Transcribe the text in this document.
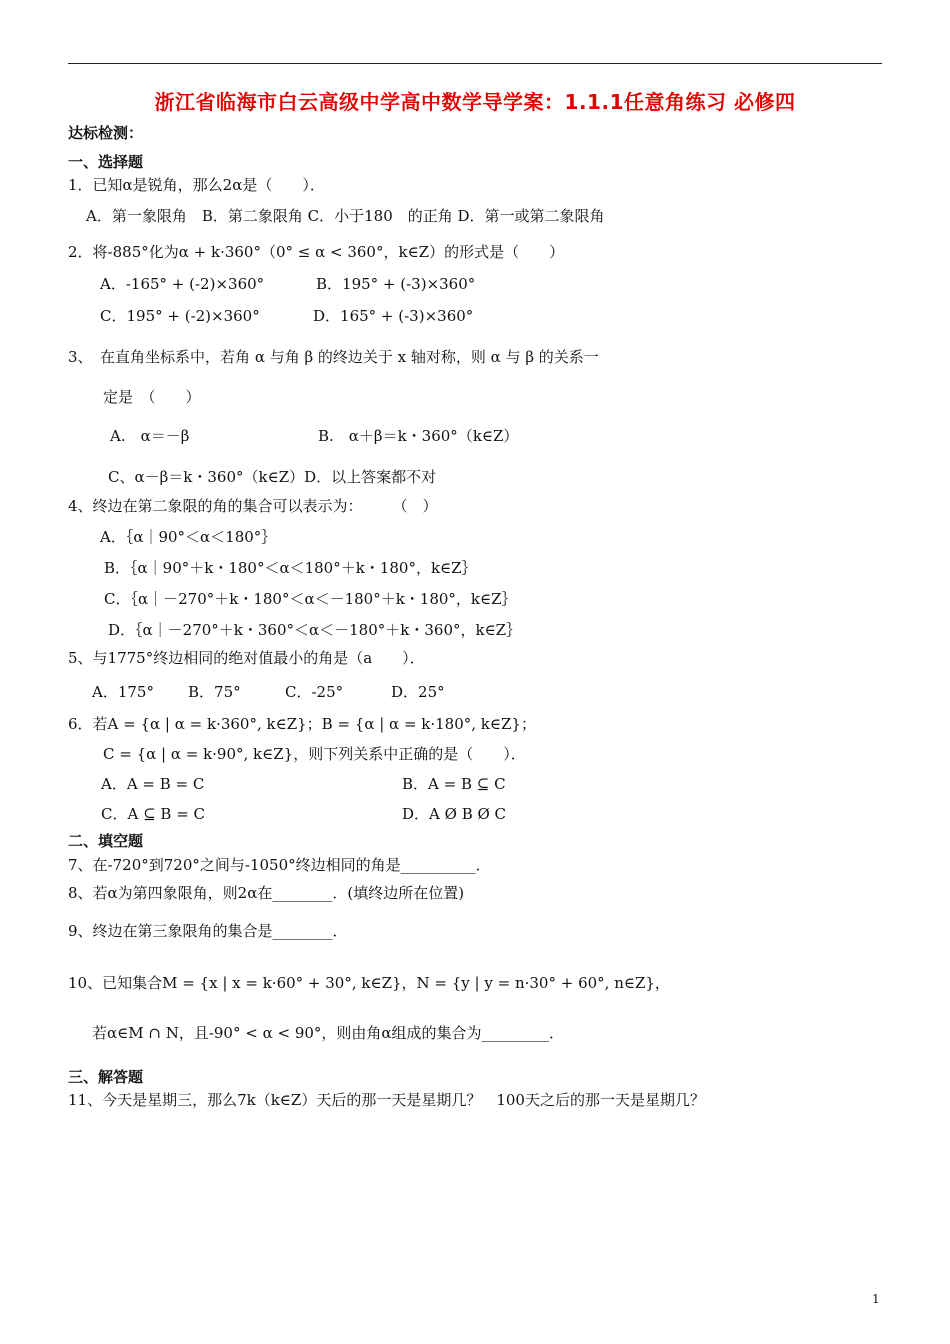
浙江省临海市白云高级中学高中数学导学案：1.1.1任意角练习 必修四
达标检测：
一、选择题
1．已知α是锐角，那么2α是（　　）．
A．第一象限角　B．第二象限角 C．小于180　的正角 D．第一或第二象限角
2．将-885°化为α + k·360°（0° ≤ α < 360°，k∈Z）的形式是（　　）
A．-165° + (-2)×360°	B．195° + (-3)×360°
C．195° + (-2)×360°	D．165° + (-3)×360°
3、　在直角坐标系中，若角 α 与角 β 的终边关于 x 轴对称，则 α 与 β 的关系一
定是　（　　）
A.　α＝－β	B.　α＋β＝k・360°（k∈Z）
C、α－β＝k・360°（k∈Z）D．以上答案都不对
4、终边在第二象限的角的集合可以表示为：　　　（　）
A．｛α｜90°＜α＜180°｝
B．｛α｜90°＋k・180°＜α＜180°＋k・180°，k∈Z｝
C．｛α｜－270°＋k・180°＜α＜－180°＋k・180°，k∈Z｝
D．｛α｜－270°＋k・360°＜α＜－180°＋k・360°，k∈Z｝
5、与1775°终边相同的绝对值最小的角是（a　　）．
A．175° B．75°	C．-25°	D．25°
6．若A = {α | α = k·360°, k∈Z}；B = {α | α = k·180°, k∈Z}；
C = {α | α = k·90°, k∈Z}，则下列关系中正确的是（　　）．
A．A = B = C	B．A = B ⊆ C
C．A ⊆ B = C	D．A Ø B Ø C
二、填空题
7、在-720°到720°之间与-1050°终边相同的角是__________．
8、若α为第四象限角，则2α在________．(填终边所在位置)
9、终边在第三象限角的集合是________．
10、已知集合M = {x | x = k·60° + 30°, k∈Z}，N = {y | y = n·30° + 60°, n∈Z}，
若α∈M ∩ N，且-90° < α < 90°，则由角α组成的集合为_________．
三、解答题
11、今天是星期三，那么7k（k∈Z）天后的那一天是星期几？　100天之后的那一天是星期几？
1
